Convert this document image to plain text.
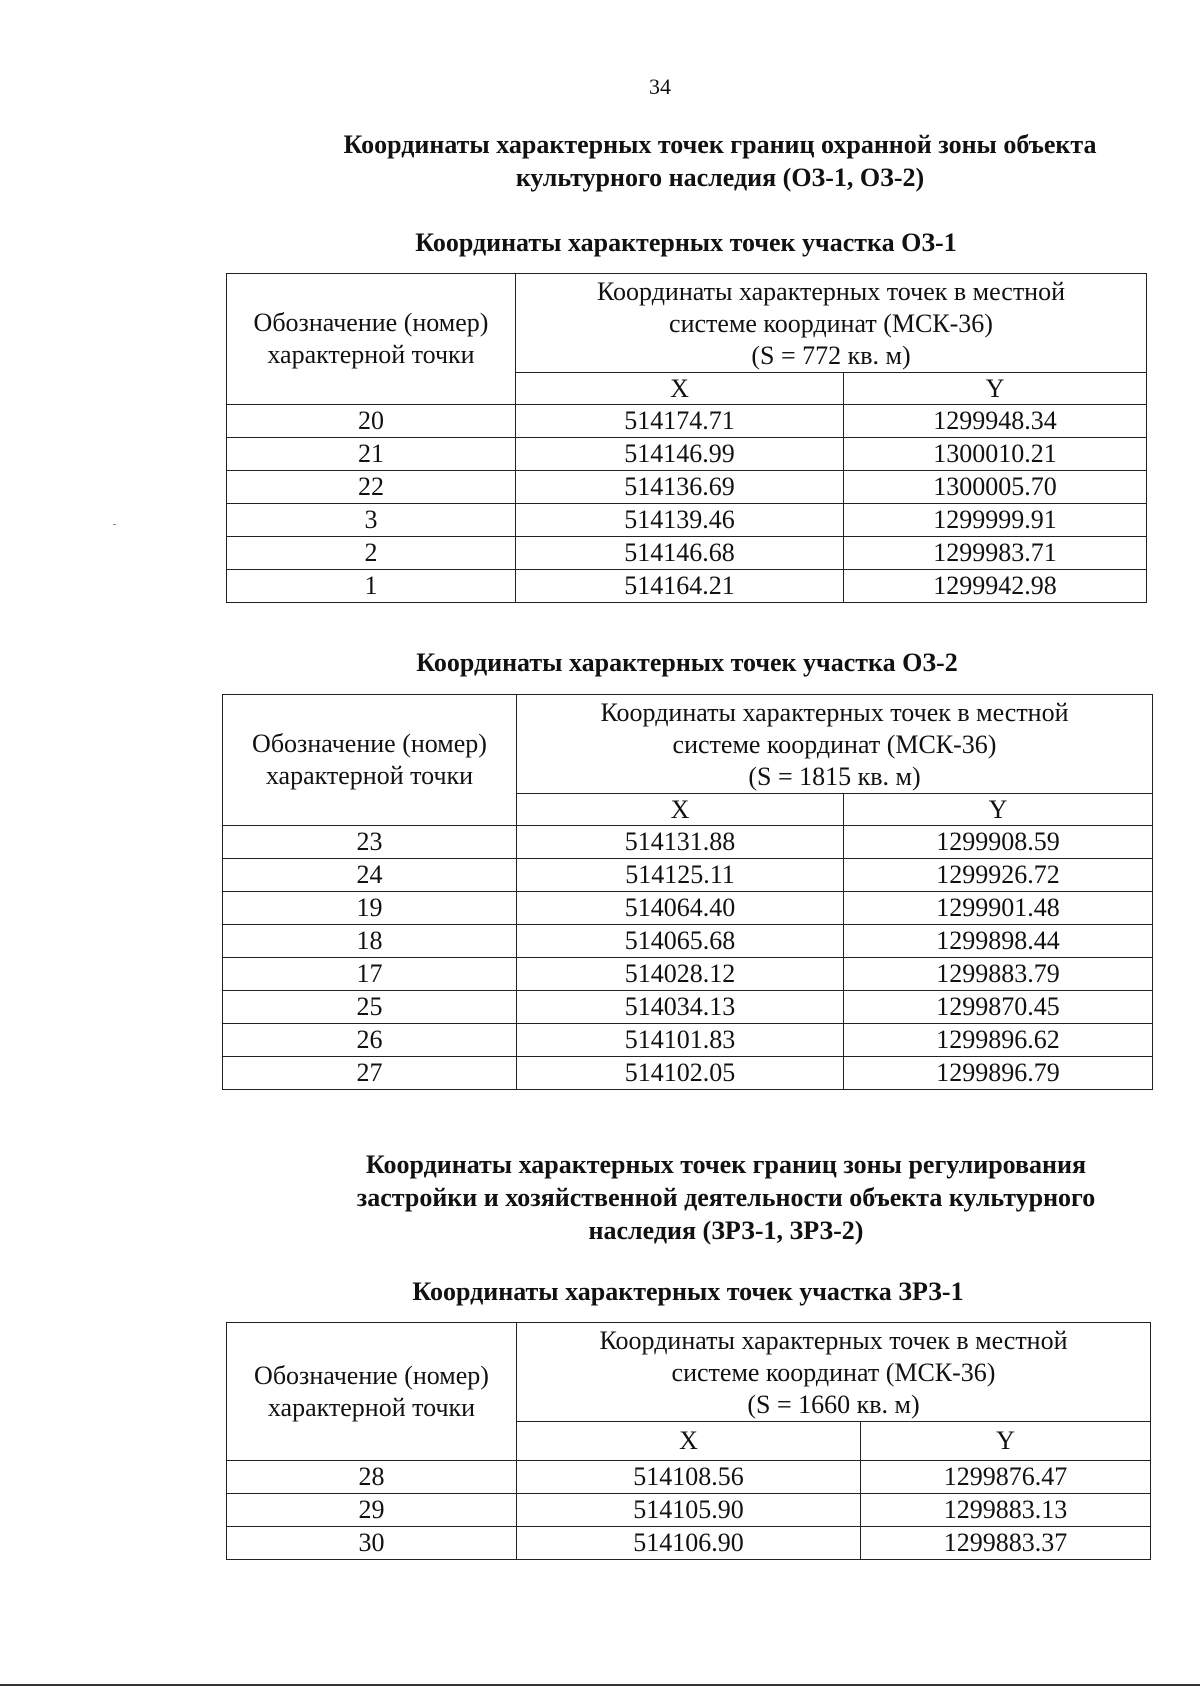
34
Координаты характерных точек границ охранной зоны объекта
культурного наследия (ОЗ-1, ОЗ-2)
Координаты характерных точек участка ОЗ-1
Обозначение (номер)
характерной точки	Координаты характерных точек в местной
системе координат (МСК-36)
(S = 772 кв. м)	

	X	Y
20	514174.71	1299948.34
21	514146.99	1300010.21
22	514136.69	1300005.70
3	514139.46	1299999.91
2	514146.68	1299983.71
1	514164.21	1299942.98
Координаты характерных точек участка ОЗ-2
Обозначение (номер)
характерной точки	Координаты характерных точек в местной
системе координат (МСК-36)
(S = 1815 кв. м)	

	X	Y
23	514131.88	1299908.59
24	514125.11	1299926.72
19	514064.40	1299901.48
18	514065.68	1299898.44
17	514028.12	1299883.79
25	514034.13	1299870.45
26	514101.83	1299896.62
27	514102.05	1299896.79
Координаты характерных точек границ зоны регулирования
застройки и хозяйственной деятельности объекта культурного
наследия (ЗРЗ-1, ЗРЗ-2)
Координаты характерных точек участка ЗРЗ-1
Обозначение (номер)
характерной точки	Координаты характерных точек в местной
системе координат (МСК-36)
(S = 1660 кв. м)	

	X	Y
28	514108.56	1299876.47
29	514105.90	1299883.13
30	514106.90	1299883.37
